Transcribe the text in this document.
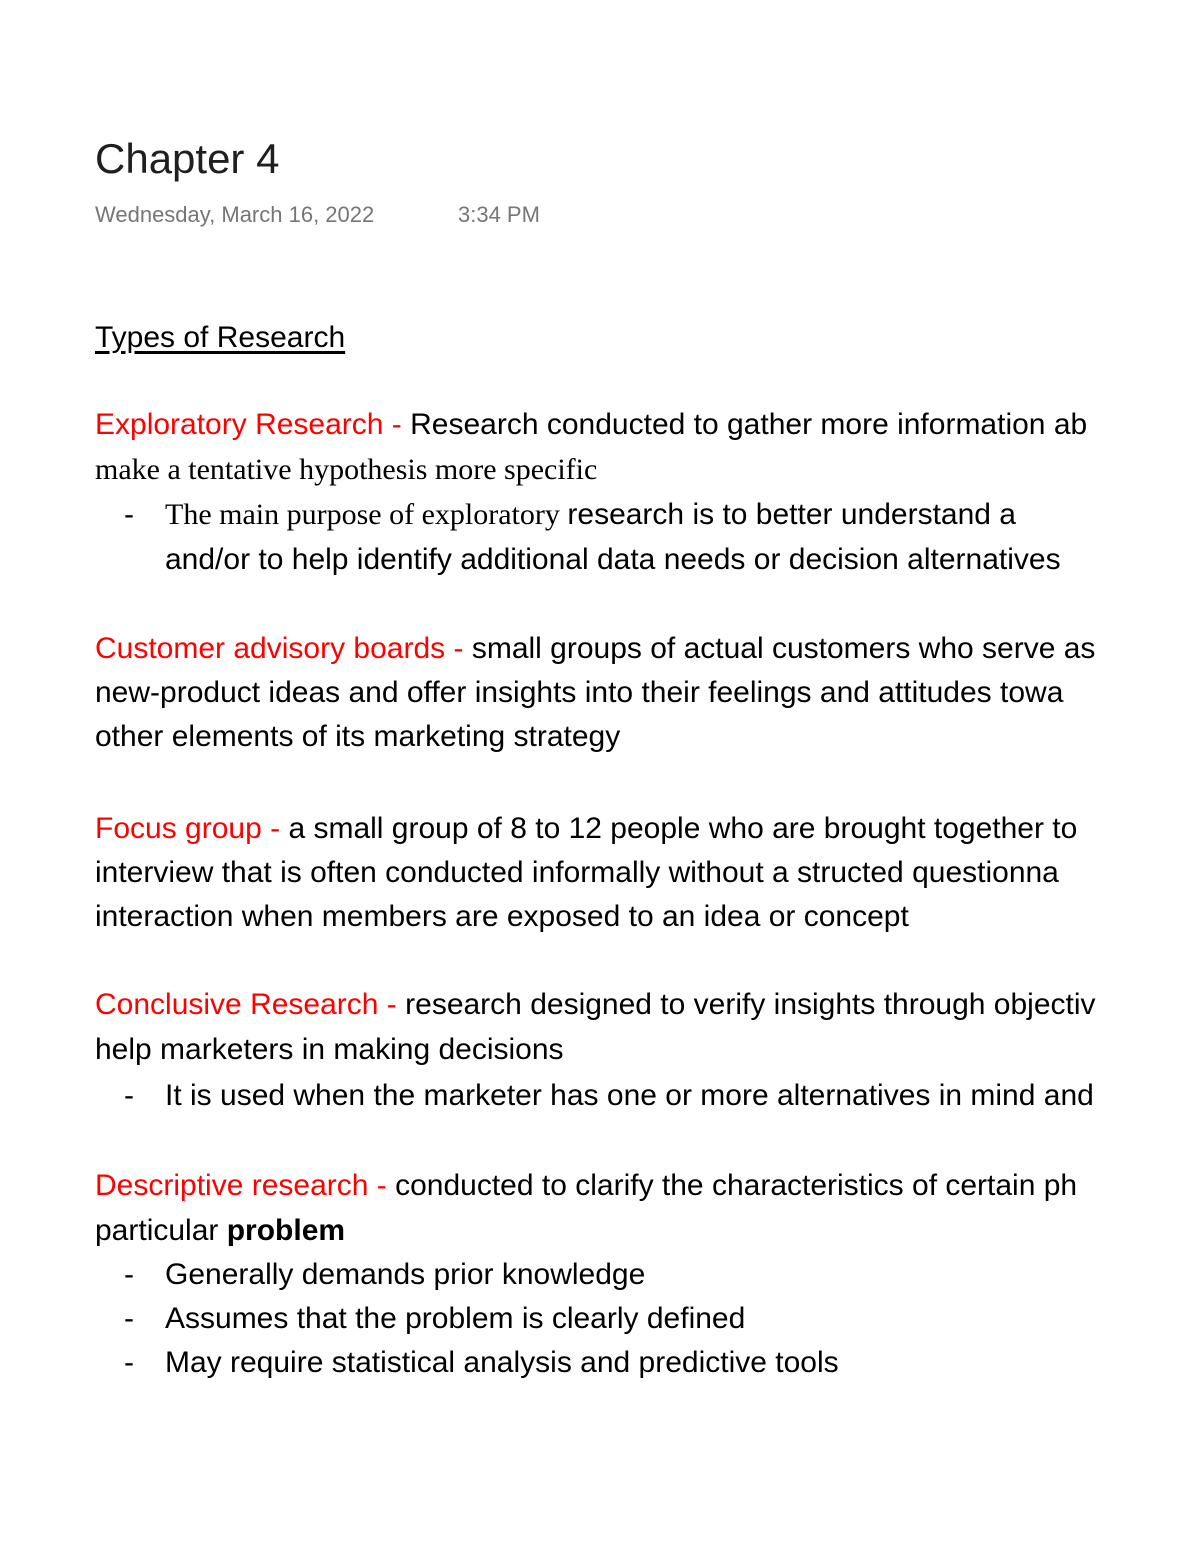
Chapter 4
Wednesday, March 16, 2022	3:34 PM
Types of Research
Exploratory Research - Research conducted to gather more information ab
make a tentative hypothesis more specific
- The main purpose of exploratory research is to better understand a
and/or to help identify additional data needs or decision alternatives
Customer advisory boards - small groups of actual customers who serve as
new-product ideas and offer insights into their feelings and attitudes towa
other elements of its marketing strategy
Focus group - a small group of 8 to 12 people who are brought together to
interview that is often conducted informally without a structed questionna
interaction when members are exposed to an idea or concept
Conclusive Research - research designed to verify insights through objectiv
help marketers in making decisions
- It is used when the marketer has one or more alternatives in mind and
Descriptive research - conducted to clarify the characteristics of certain ph
particular problem
- Generally demands prior knowledge
- Assumes that the problem is clearly defined
- May require statistical analysis and predictive tools
